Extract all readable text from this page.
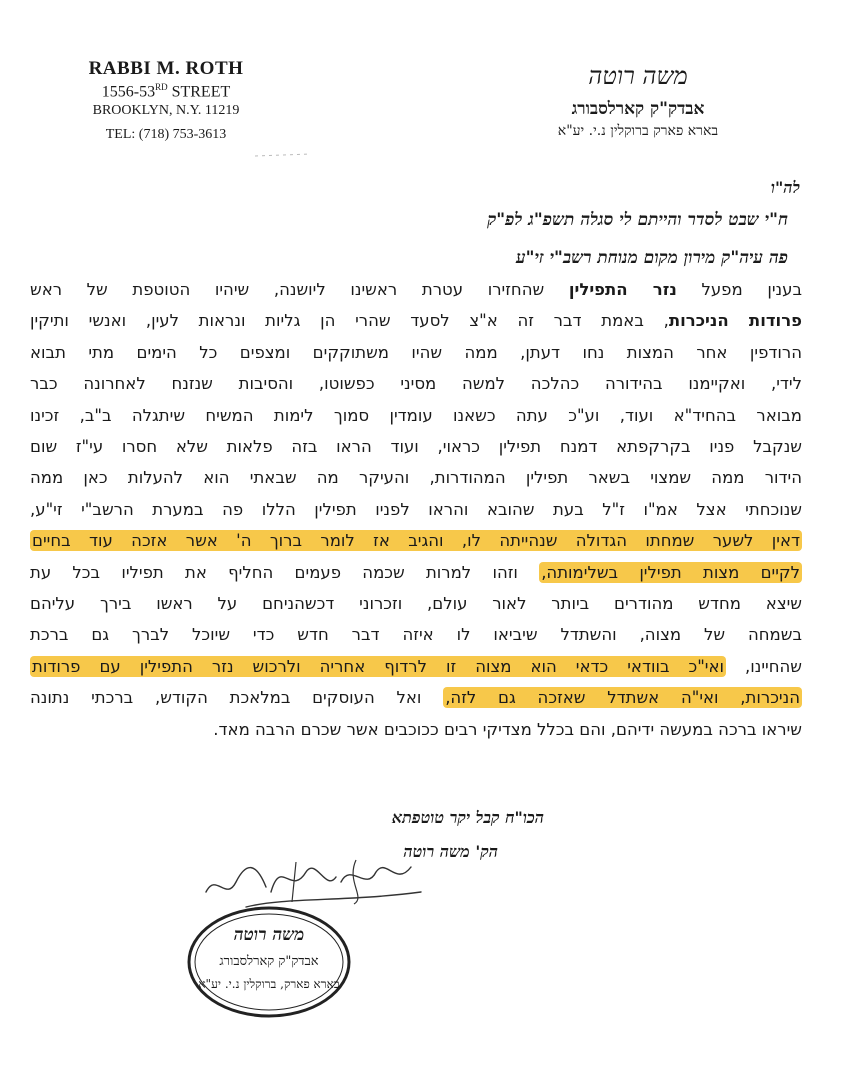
RABBI M. ROTH
1556-53RD STREET
BROOKLYN, N.Y. 11219
TEL: (718) 753-3613
משה רוטה
אבדק"ק קארלסבורג
בארא פארק ברוקלין נ.י. יע"א
לה"ו
ח"י שבט לסדר והייתם לי סגלה תשפ"ג לפ"ק
פה עיה"ק מירון מקום מנוחת רשב"י זי"ע
בענין מפעל נזר התפילין שהחזירו עטרת ראשינו ליושנה, שיהיו הטוטפת של ראש
פרודות הניכרות, באמת דבר זה א"צ לסעד שהרי הן גליות ונראות לעין, ואנשי ותיקין
הרודפין אחר המצות נחו דעתן, ממה שהיו משתוקקים ומצפים כל הימים מתי תבוא
לידי, ואקיימנו בהידורה כהלכה למשה מסיני כפשוטו, והסיבות שנזנח לאחרונה כבר
מבואר בהחיד"א ועוד, וע"כ עתה כשאנו עומדין סמוך לימות המשיח שיתגלה ב"ב, זכינו
שנקבל פניו בקרקפתא דמנח תפילין כראוי, ועוד הראו בזה פלאות שלא חסרו עי"ז שום
הידור ממה שמצוי בשאר תפילין המהודרות, והעיקר מה שבאתי הוא להעלות כאן ממה
שנוכחתי אצל אמ"ו ז"ל בעת שהובא והראו לפניו תפילין הללו פה במערת הרשב"י זי"ע,
דאין לשער שמחתו הגדולה שנהייתה לו, והגיב אז לומר ברוך ה' אשר אזכה עוד בחיים
לקיים מצות תפילין בשלימותה, וזהו למרות שכמה פעמים החליף את תפיליו בכל עת
שיצא מחדש מהודרים ביותר לאור עולם, וזכרוני דכשהניחם על ראשו בירך עליהם
בשמחה של מצוה, והשתדל שיביאו לו איזה דבר חדש כדי שיוכל לברך גם ברכת
שהחיינו, ואי"כ בוודאי כדאי הוא מצוה זו לרדוף אחריה ולרכוש נזר התפילין עם פרודות
הניכרות, ואי"ה אשתדל שאזכה גם לזה, ואל העוסקים במלאכת הקודש, ברכתי נתונה
שיראו ברכה במעשה ידיהם, והם בכלל מצדיקי רבים ככוכבים אשר שכרם הרבה מאד.
הכו"ח קבל יקר טוטפתא
הק' משה רוטה
משה רוטה
אבדק"ק קארלסבורג
בארא פארק, ברוקלין נ.י. יע"א
